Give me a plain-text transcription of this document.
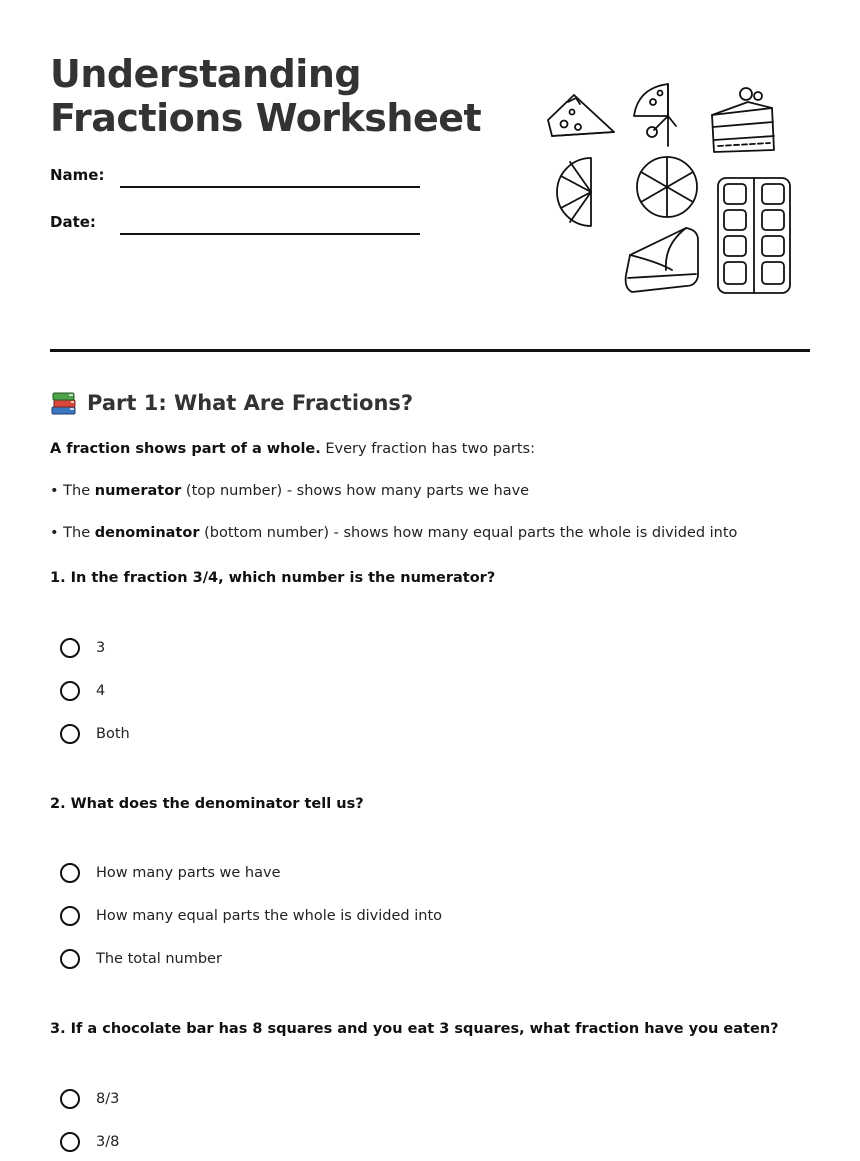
Understanding
Fractions Worksheet
Name:
Date:
Part 1: What Are Fractions?
A fraction shows part of a whole. Every fraction has two parts:
• The numerator (top number) - shows how many parts we have
• The denominator (bottom number) - shows how many equal parts the whole is divided into
1. In the fraction 3/4, which number is the numerator?
3
4
Both
2. What does the denominator tell us?
How many parts we have
How many equal parts the whole is divided into
The total number
3. If a chocolate bar has 8 squares and you eat 3 squares, what fraction have you eaten?
8/3
3/8
